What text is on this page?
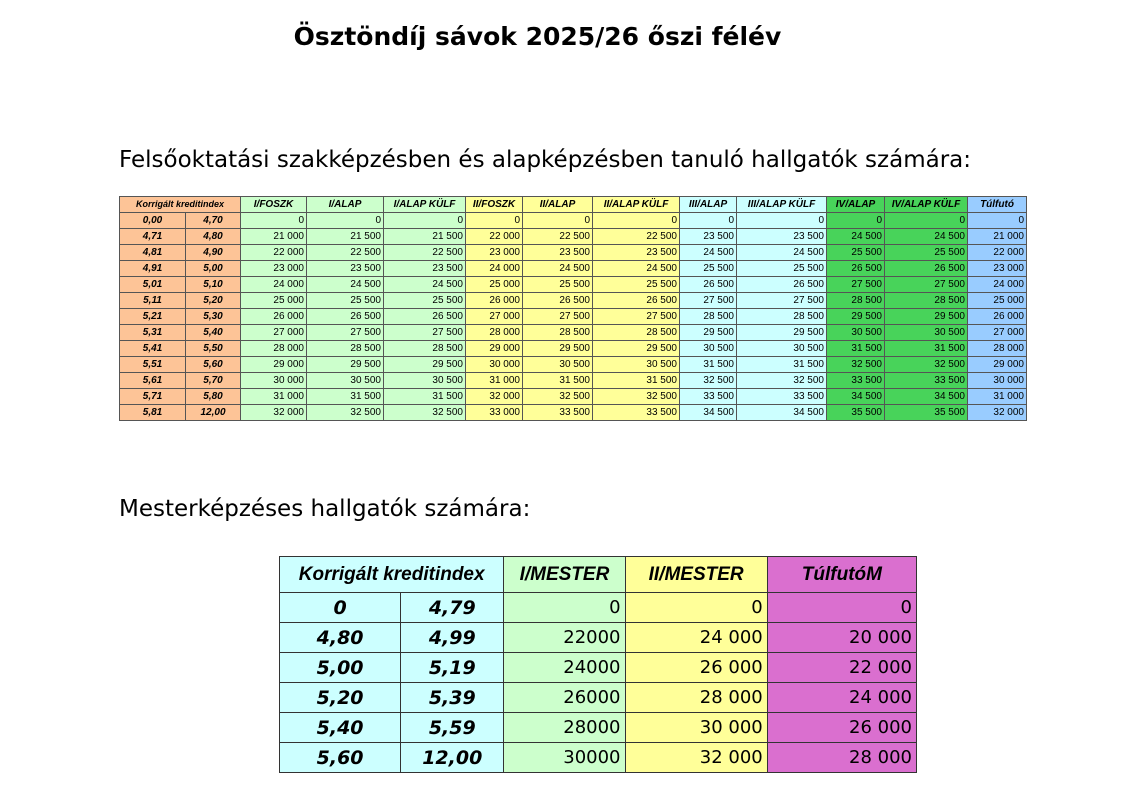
Ösztöndíj sávok 2025/26 őszi félév
Felsőoktatási szakképzésben és alapképzésben tanuló hallgatók számára:
Korrigált kreditindex		I/FOSZK	I/ALAP	I/ALAP KÜLF	II/FOSZK	II/ALAP	II/ALAP KÜLF	III/ALAP	III/ALAP KÜLF	IV/ALAP	IV/ALAP KÜLF	Túlfutó
0,00	4,70	0	0	0	0	0	0	0	0	0	0	0
4,71	4,80	21 000	21 500	21 500	22 000	22 500	22 500	23 500	23 500	24 500	24 500	21 000
4,81	4,90	22 000	22 500	22 500	23 000	23 500	23 500	24 500	24 500	25 500	25 500	22 000
4,91	5,00	23 000	23 500	23 500	24 000	24 500	24 500	25 500	25 500	26 500	26 500	23 000
5,01	5,10	24 000	24 500	24 500	25 000	25 500	25 500	26 500	26 500	27 500	27 500	24 000
5,11	5,20	25 000	25 500	25 500	26 000	26 500	26 500	27 500	27 500	28 500	28 500	25 000
5,21	5,30	26 000	26 500	26 500	27 000	27 500	27 500	28 500	28 500	29 500	29 500	26 000
5,31	5,40	27 000	27 500	27 500	28 000	28 500	28 500	29 500	29 500	30 500	30 500	27 000
5,41	5,50	28 000	28 500	28 500	29 000	29 500	29 500	30 500	30 500	31 500	31 500	28 000
5,51	5,60	29 000	29 500	29 500	30 000	30 500	30 500	31 500	31 500	32 500	32 500	29 000
5,61	5,70	30 000	30 500	30 500	31 000	31 500	31 500	32 500	32 500	33 500	33 500	30 000
5,71	5,80	31 000	31 500	31 500	32 000	32 500	32 500	33 500	33 500	34 500	34 500	31 000
5,81	12,00	32 000	32 500	32 500	33 000	33 500	33 500	34 500	34 500	35 500	35 500	32 000
Mesterképzéses hallgatók számára:
Korrigált kreditindex		I/MESTER	II/MESTER	TúlfutóM
0	4,79	0	0	0
4,80	4,99	22000	24 000	20 000
5,00	5,19	24000	26 000	22 000
5,20	5,39	26000	28 000	24 000
5,40	5,59	28000	30 000	26 000
5,60	12,00	30000	32 000	28 000
